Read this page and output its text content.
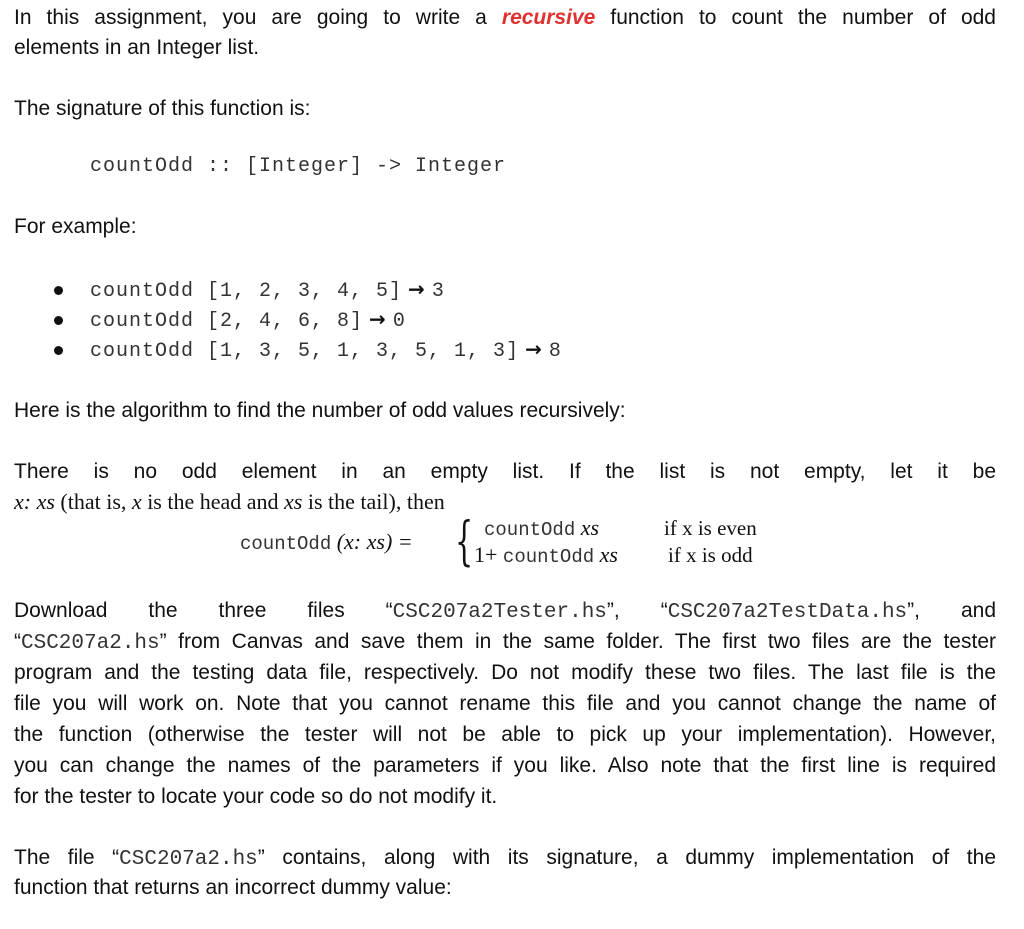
In this assignment, you are going to write a recursive function to count the number of odd
elements in an Integer list.
The signature of this function is:
countOdd :: [Integer] -> Integer
For example:
countOdd [1, 2, 3, 4, 5] → 3
countOdd [2, 4, 6, 8] → 0
countOdd [1, 3, 5, 1, 3, 5, 1, 3] → 8
Here is the algorithm to find the number of odd values recursively:
There is no odd element in an empty list. If the list is not empty, let it be
x: xs (that is, x is the head and xs is the tail), then
countOdd (x: xs) = { countOdd xs	if x is even
1+ countOdd xs if x is odd
Download the three files “CSC207a2Tester.hs”, “CSC207a2TestData.hs”, and
“CSC207a2.hs” from Canvas and save them in the same folder. The first two files are the tester
program and the testing data file, respectively. Do not modify these two files. The last file is the
file you will work on. Note that you cannot rename this file and you cannot change the name of
the function (otherwise the tester will not be able to pick up your implementation). However,
you can change the names of the parameters if you like. Also note that the first line is required
for the tester to locate your code so do not modify it.
The file “CSC207a2.hs” contains, along with its signature, a dummy implementation of the
function that returns an incorrect dummy value:
